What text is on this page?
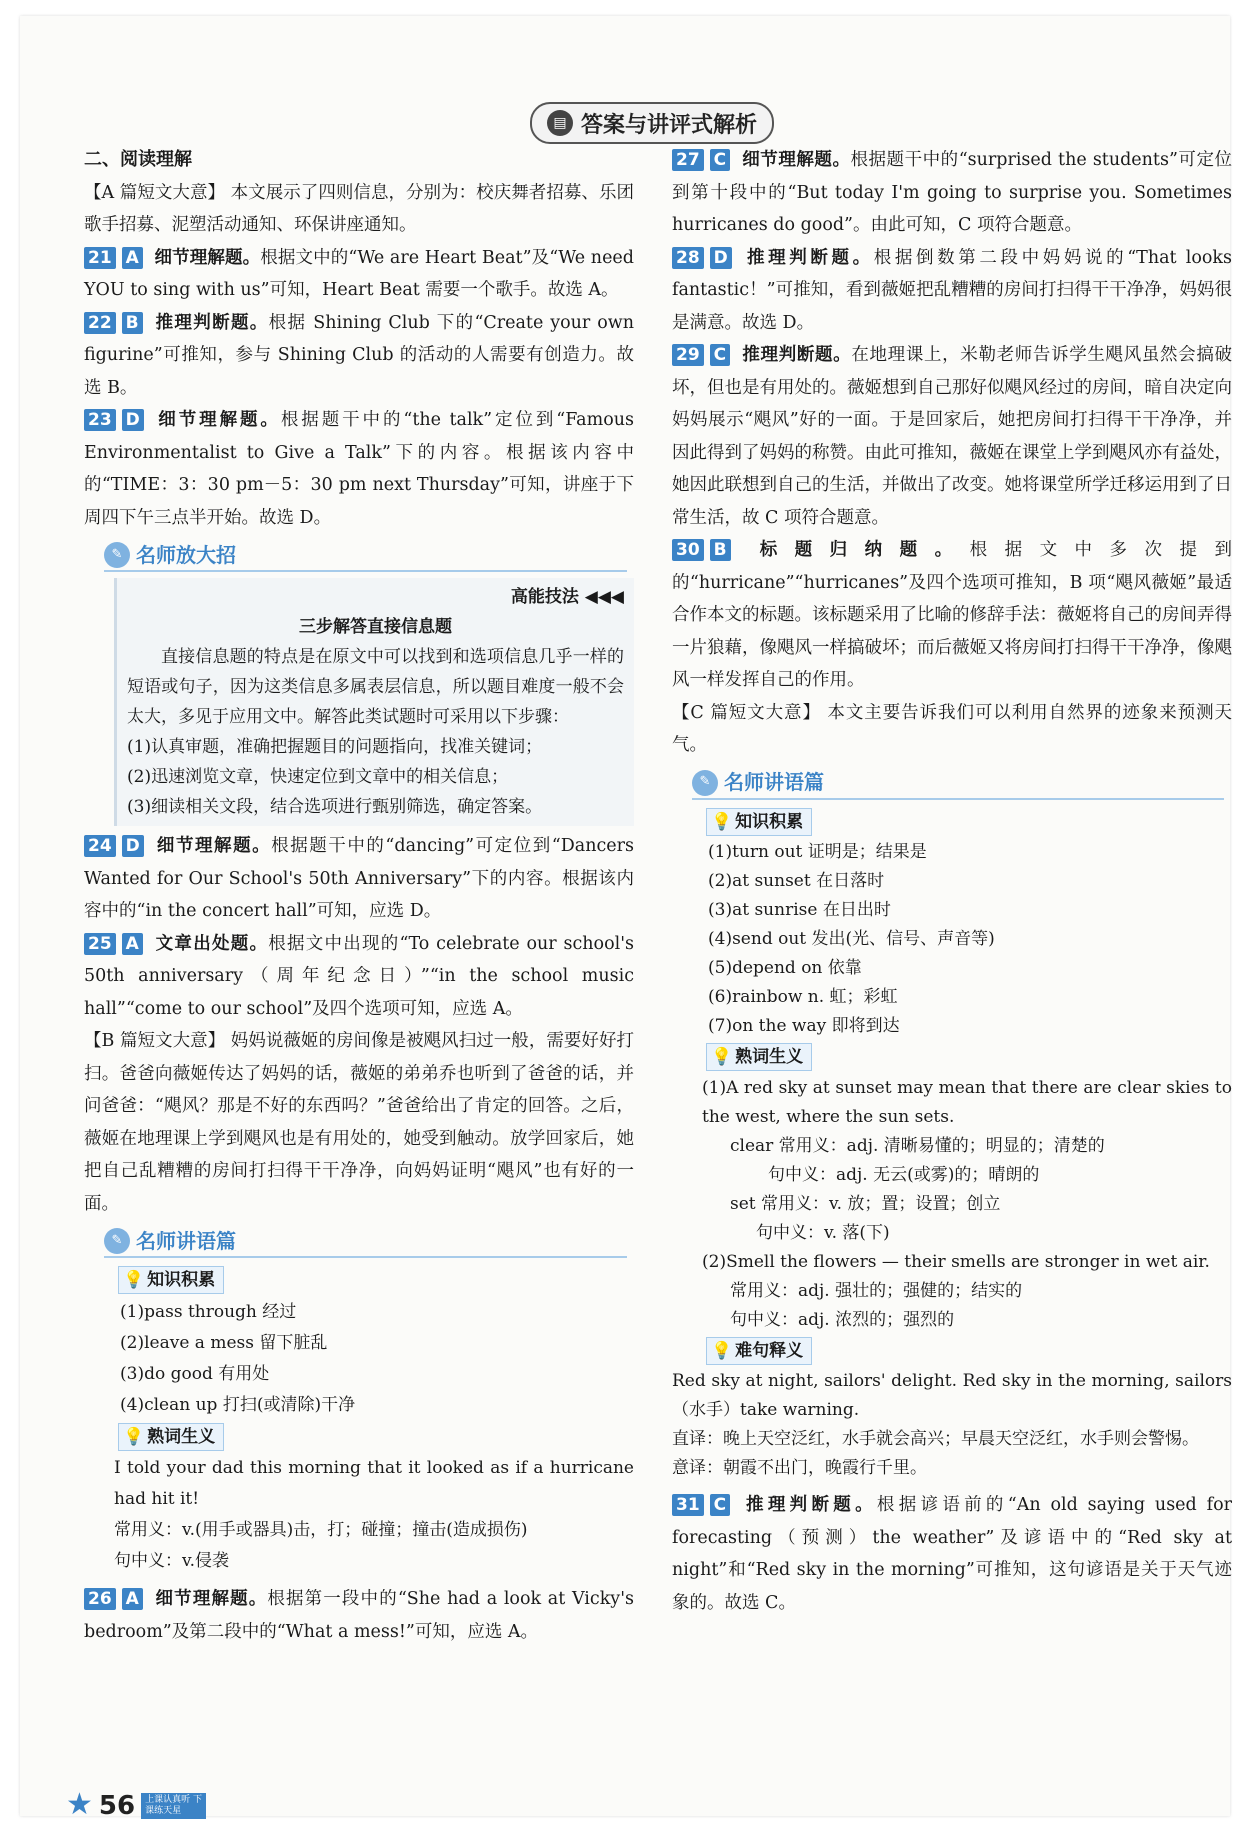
▤ 答案与讲评式解析

二、阅读理解

【A 篇短文大意】 本文展示了四则信息，分别为：校庆舞者招募、乐团歌手招募、泥塑活动通知、环保讲座通知。

21 A 细节理解题。根据文中的“We are Heart Beat”及“We need YOU to sing with us”可知，Heart Beat 需要一个歌手。故选 A。

22 B 推理判断题。根据 Shining Club 下的“Create your own figurine”可推知，参与 Shining Club 的活动的人需要有创造力。故选 B。

23 D 细节理解题。根据题干中的“the talk”定位到“Famous Environmentalist to Give a Talk”下的内容。根据该内容中的“TIME：3：30 pm－5：30 pm next Thursday”可知，讲座于下周四下午三点半开始。故选 D。

✎ 名师放大招
高能技法 ◀◀◀
三步解答直接信息题

直接信息题的特点是在原文中可以找到和选项信息几乎一样的短语或句子，因为这类信息多属表层信息，所以题目难度一般不会太大，多见于应用文中。解答此类试题时可采用以下步骤：

(1)认真审题，准确把握题目的问题指向，找准关键词；
(2)迅速浏览文章，快速定位到文章中的相关信息；
(3)细读相关文段，结合选项进行甄别筛选，确定答案。

24 D 细节理解题。根据题干中的“dancing”可定位到“Dancers Wanted for Our School's 50th Anniversary”下的内容。根据该内容中的“in the concert hall”可知，应选 D。

25 A 文章出处题。根据文中出现的“To celebrate our school's 50th anniversary（周年纪念日）”“in the school music hall”“come to our school”及四个选项可知，应选 A。

【B 篇短文大意】 妈妈说薇姬的房间像是被飓风扫过一般，需要好好打扫。爸爸向薇姬传达了妈妈的话，薇姬的弟弟乔也听到了爸爸的话，并问爸爸：“飓风？那是不好的东西吗？”爸爸给出了肯定的回答。之后，薇姬在地理课上学到飓风也是有用处的，她受到触动。放学回家后，她把自己乱糟糟的房间打扫得干干净净，向妈妈证明“飓风”也有好的一面。

✎ 名师讲语篇
💡 知识积累
(1)pass through 经过
(2)leave a mess 留下脏乱
(3)do good 有用处
(4)clean up 打扫(或清除)干净
💡 熟词生义

I told your dad this morning that it looked as if a hurricane had hit it!

常用义：v.(用手或器具)击，打；碰撞；撞击(造成损伤)
句中义：v.侵袭

26 A 细节理解题。根据第一段中的“She had a look at Vicky's bedroom”及第二段中的“What a mess!”可知，应选 A。

27 C 细节理解题。根据题干中的“surprised the students”可定位到第十段中的“But today I'm going to surprise you. Sometimes hurricanes do good”。由此可知，C 项符合题意。

28 D 推理判断题。根据倒数第二段中妈妈说的“That looks fantastic！”可推知，看到薇姬把乱糟糟的房间打扫得干干净净，妈妈很是满意。故选 D。

29 C 推理判断题。在地理课上，米勒老师告诉学生飓风虽然会搞破坏，但也是有用处的。薇姬想到自己那好似飓风经过的房间，暗自决定向妈妈展示“飓风”好的一面。于是回家后，她把房间打扫得干干净净，并因此得到了妈妈的称赞。由此可推知，薇姬在课堂上学到飓风亦有益处，她因此联想到自己的生活，并做出了改变。她将课堂所学迁移运用到了日常生活，故 C 项符合题意。

30 B 标题归纳题。根据文中多次提到的“hurricane”“hurricanes”及四个选项可推知，B 项“飓风薇姬”最适合作本文的标题。该标题采用了比喻的修辞手法：薇姬将自己的房间弄得一片狼藉，像飓风一样搞破坏；而后薇姬又将房间打扫得干干净净，像飓风一样发挥自己的作用。

【C 篇短文大意】 本文主要告诉我们可以利用自然界的迹象来预测天气。

✎ 名师讲语篇
💡 知识积累
(1)turn out 证明是；结果是
(2)at sunset 在日落时
(3)at sunrise 在日出时
(4)send out 发出(光、信号、声音等)
(5)depend on 依靠
(6)rainbow n. 虹；彩虹
(7)on the way 即将到达
💡 熟词生义

(1)A red sky at sunset may mean that there are clear skies to the west, where the sun sets.

clear 常用义：adj. 清晰易懂的；明显的；清楚的
句中义：adj. 无云(或雾)的；晴朗的
set 常用义：v. 放；置；设置；创立
句中义：v. 落(下)

(2)Smell the flowers — their smells are stronger in wet air.

常用义：adj. 强壮的；强健的；结实的
句中义：adj. 浓烈的；强烈的
💡 难句释义

Red sky at night, sailors' delight. Red sky in the morning, sailors（水手）take warning.

直译：晚上天空泛红，水手就会高兴；早晨天空泛红，水手则会警惕。

意译：朝霞不出门，晚霞行千里。

31 C 推理判断题。根据谚语前的“An old saying used for forecasting（预测）the weather”及谚语中的“Red sky at night”和“Red sky in the morning”可推知，这句谚语是关于天气迹象的。故选 C。

★ 56	上课认真听 下课练天星
